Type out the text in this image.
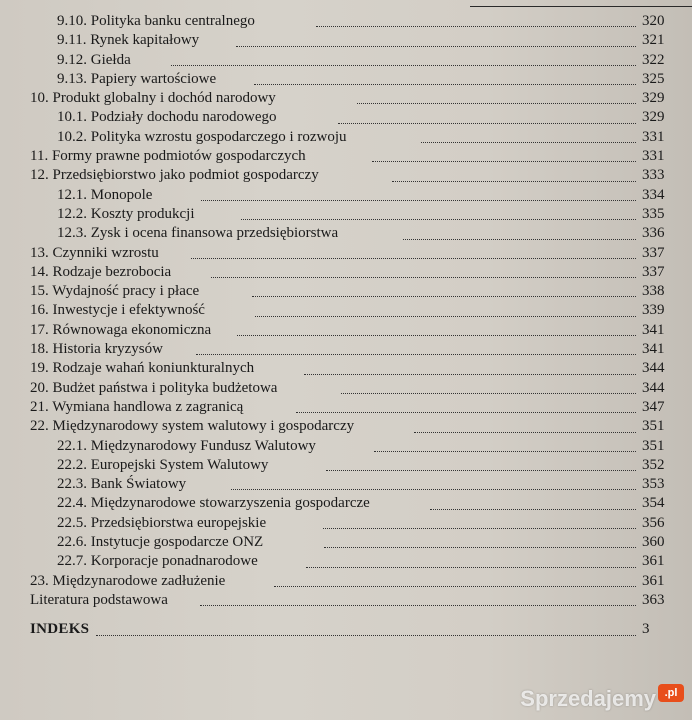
9.10. Polityka banku centralnego	320
9.11. Rynek kapitałowy	321
9.12. Giełda	322
9.13. Papiery wartościowe	325
10. Produkt globalny i dochód narodowy	329
10.1. Podziały dochodu narodowego	329
10.2. Polityka wzrostu gospodarczego i rozwoju	331
11. Formy prawne podmiotów gospodarczych	331
12. Przedsiębiorstwo jako podmiot gospodarczy	333
12.1. Monopole	334
12.2. Koszty produkcji	335
12.3. Zysk i ocena finansowa przedsiębiorstwa	336
13. Czynniki wzrostu	337
14. Rodzaje bezrobocia	337
15. Wydajność pracy i płace	338
16. Inwestycje i efektywność	339
17. Równowaga ekonomiczna	341
18. Historia kryzysów	341
19. Rodzaje wahań koniunkturalnych	344
20. Budżet państwa i polityka budżetowa	344
21. Wymiana handlowa z zagranicą	347
22. Międzynarodowy system walutowy i gospodarczy	351
22.1. Międzynarodowy Fundusz Walutowy	351
22.2. Europejski System Walutowy	352
22.3. Bank Światowy	353
22.4. Międzynarodowe stowarzyszenia gospodarcze	354
22.5. Przedsiębiorstwa europejskie	356
22.6. Instytucje gospodarcze ONZ	360
22.7. Korporacje ponadnarodowe	361
23. Międzynarodowe zadłużenie	361
Literatura podstawowa	363
INDEKS	3
Sprzedajemy .pl
